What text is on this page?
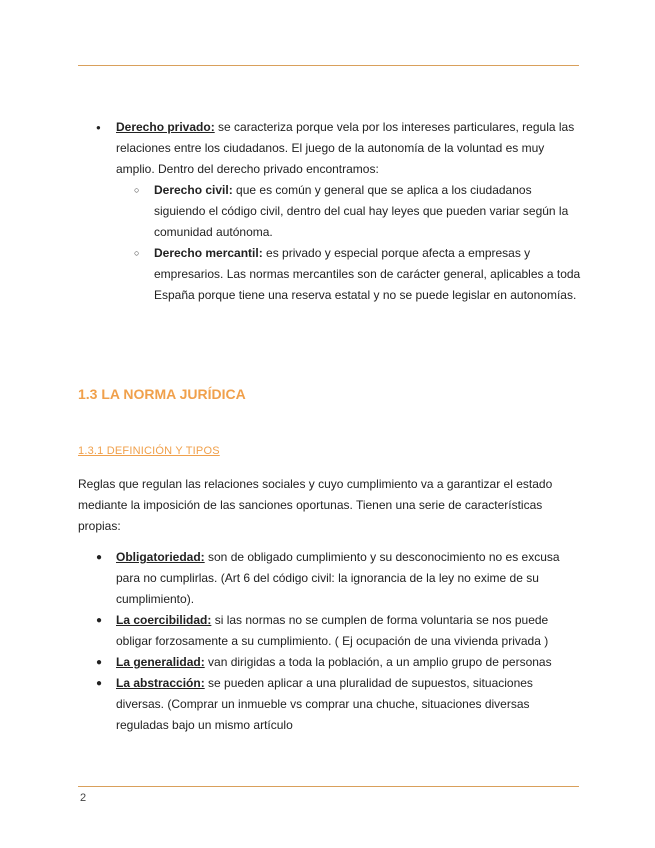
● Derecho privado: se caracteriza porque vela por los intereses particulares, regula las relaciones entre los ciudadanos. El juego de la autonomía de la voluntad es muy amplio. Dentro del derecho privado encontramos:
○ Derecho civil: que es común y general que se aplica a los ciudadanos siguiendo el código civil, dentro del cual hay leyes que pueden variar según la comunidad autónoma.
○ Derecho mercantil: es privado y especial porque afecta a empresas y empresarios. Las normas mercantiles son de carácter general, aplicables a toda España porque tiene una reserva estatal y no se puede legislar en autonomías.
1.3 LA NORMA JURÍDICA
1.3.1 DEFINICIÓN Y TIPOS
Reglas que regulan las relaciones sociales y cuyo cumplimiento va a garantizar el estado mediante la imposición de las sanciones oportunas. Tienen una serie de características propias:
● Obligatoriedad: son de obligado cumplimiento y su desconocimiento no es excusa para no cumplirlas. (Art 6 del código civil: la ignorancia de la ley no exime de su cumplimiento).
● La coercibilidad: si las normas no se cumplen de forma voluntaria se nos puede obligar forzosamente a su cumplimiento. ( Ej ocupación de una vivienda privada )
● La generalidad: van dirigidas a toda la población, a un amplio grupo de personas
● La abstracción: se pueden aplicar a una pluralidad de supuestos, situaciones diversas. (Comprar un inmueble vs comprar una chuche, situaciones diversas reguladas bajo un mismo artículo
2
